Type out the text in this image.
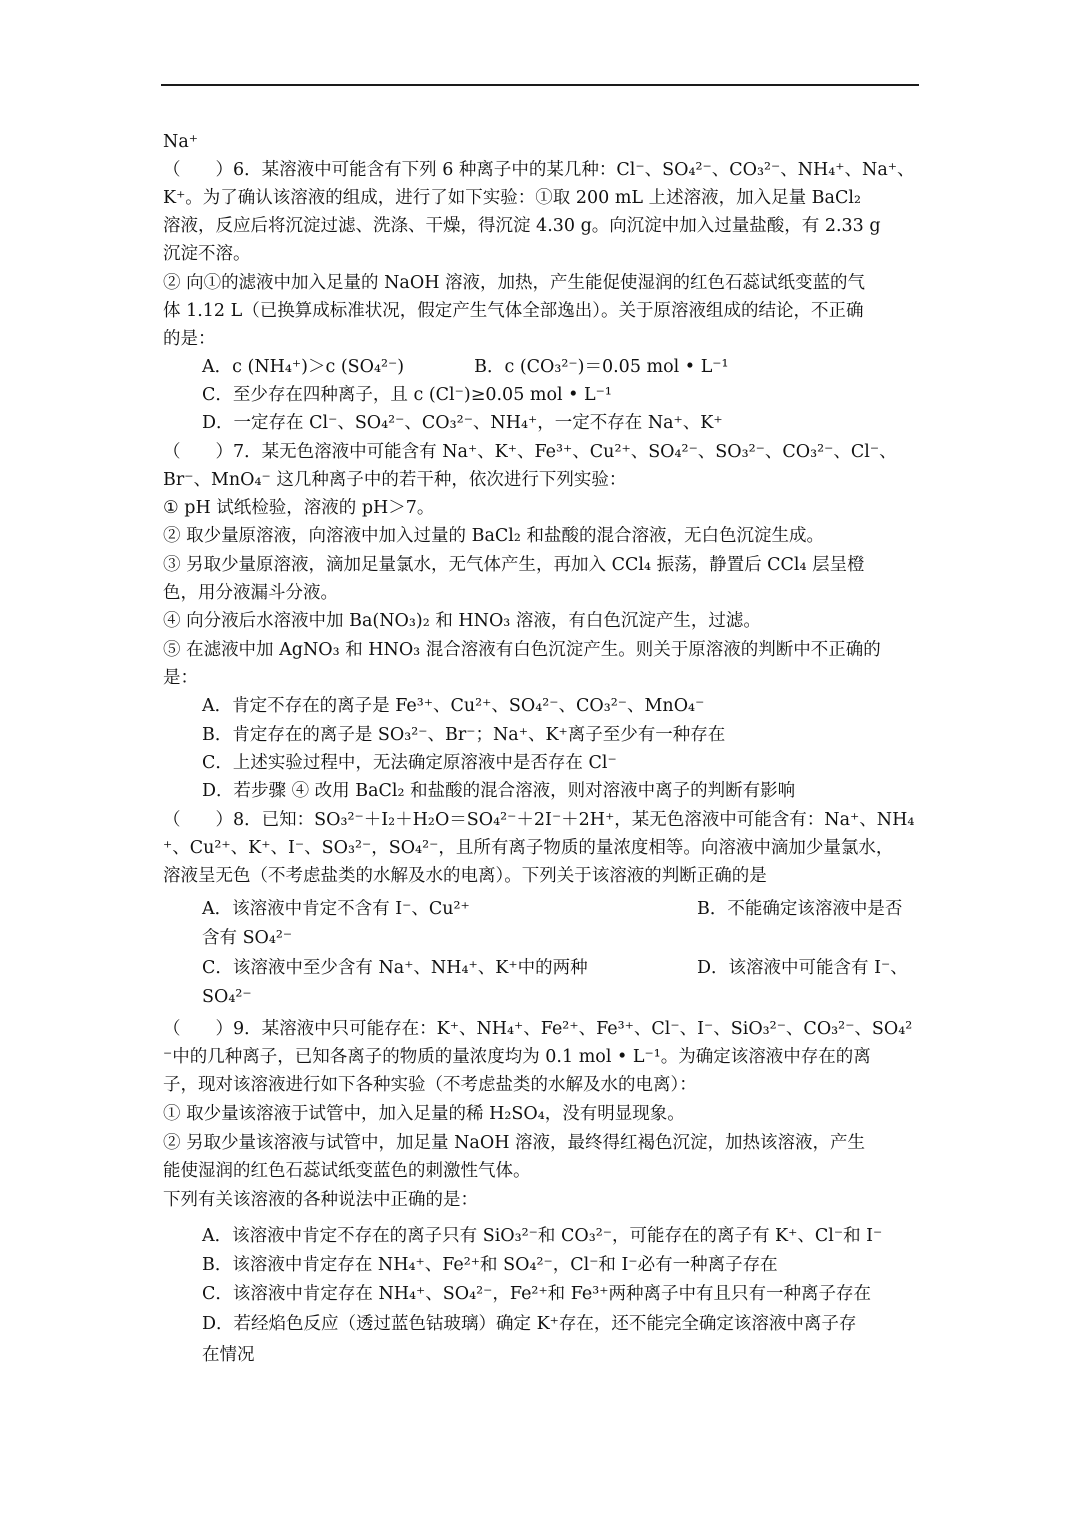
Na⁺
（　　）6．某溶液中可能含有下列 6 种离子中的某几种：Cl⁻、SO₄²⁻、CO₃²⁻、NH₄⁺、Na⁺、
K⁺。为了确认该溶液的组成，进行了如下实验：①取 200 mL 上述溶液，加入足量 BaCl₂
溶液，反应后将沉淀过滤、洗涤、干燥，得沉淀 4.30 g。向沉淀中加入过量盐酸，有 2.33 g
沉淀不溶。
② 向①的滤液中加入足量的 NaOH 溶液，加热，产生能促使湿润的红色石蕊试纸变蓝的气
体 1.12 L（已换算成标准状况，假定产生气体全部逸出）。关于原溶液组成的结论，不正确
的是：
A．c (NH₄⁺)＞c (SO₄²⁻)　　　　B．c (CO₃²⁻)＝0.05 mol • L⁻¹
C．至少存在四种离子，且 c (Cl⁻)≥0.05 mol • L⁻¹
D．一定存在 Cl⁻、SO₄²⁻、CO₃²⁻、NH₄⁺，一定不存在 Na⁺、K⁺
（　　）7．某无色溶液中可能含有 Na⁺、K⁺、Fe³⁺、Cu²⁺、SO₄²⁻、SO₃²⁻、CO₃²⁻、Cl⁻、
Br⁻、MnO₄⁻ 这几种离子中的若干种，依次进行下列实验：
① pH 试纸检验，溶液的 pH＞7。
② 取少量原溶液，向溶液中加入过量的 BaCl₂ 和盐酸的混合溶液，无白色沉淀生成。
③ 另取少量原溶液，滴加足量氯水，无气体产生，再加入 CCl₄ 振荡，静置后 CCl₄ 层呈橙
色，用分液漏斗分液。
④ 向分液后水溶液中加 Ba(NO₃)₂ 和 HNO₃ 溶液，有白色沉淀产生，过滤。
⑤ 在滤液中加 AgNO₃ 和 HNO₃ 混合溶液有白色沉淀产生。则关于原溶液的判断中不正确的
是：
A．肯定不存在的离子是 Fe³⁺、Cu²⁺、SO₄²⁻、CO₃²⁻、MnO₄⁻
B．肯定存在的离子是 SO₃²⁻、Br⁻；Na⁺、K⁺离子至少有一种存在
C．上述实验过程中，无法确定原溶液中是否存在 Cl⁻
D．若步骤 ④ 改用 BaCl₂ 和盐酸的混合溶液，则对溶液中离子的判断有影响
（　　）8．已知：SO₃²⁻＋I₂＋H₂O＝SO₄²⁻＋2I⁻＋2H⁺，某无色溶液中可能含有：Na⁺、NH₄
⁺、Cu²⁺、K⁺、I⁻、SO₃²⁻，SO₄²⁻，且所有离子物质的量浓度相等。向溶液中滴加少量氯水，
溶液呈无色（不考虑盐类的水解及水的电离）。下列关于该溶液的判断正确的是
A．该溶液中肯定不含有 I⁻、Cu²⁺	B．不能确定该溶液中是否
含有 SO₄²⁻
C．该溶液中至少含有 Na⁺、NH₄⁺、K⁺中的两种	D．该溶液中可能含有 I⁻、
SO₄²⁻
（　　）9．某溶液中只可能存在：K⁺、NH₄⁺、Fe²⁺、Fe³⁺、Cl⁻、I⁻、SiO₃²⁻、CO₃²⁻、SO₄²
⁻中的几种离子，已知各离子的物质的量浓度均为 0.1 mol • L⁻¹。为确定该溶液中存在的离
子，现对该溶液进行如下各种实验（不考虑盐类的水解及水的电离）：
① 取少量该溶液于试管中，加入足量的稀 H₂SO₄，没有明显现象。
② 另取少量该溶液与试管中，加足量 NaOH 溶液，最终得红褐色沉淀，加热该溶液，产生
能使湿润的红色石蕊试纸变蓝色的刺激性气体。
下列有关该溶液的各种说法中正确的是：
A．该溶液中肯定不存在的离子只有 SiO₃²⁻和 CO₃²⁻，可能存在的离子有 K⁺、Cl⁻和 I⁻
B．该溶液中肯定存在 NH₄⁺、Fe²⁺和 SO₄²⁻，Cl⁻和 I⁻必有一种离子存在
C．该溶液中肯定存在 NH₄⁺、SO₄²⁻，Fe²⁺和 Fe³⁺两种离子中有且只有一种离子存在
D．若经焰色反应（透过蓝色钴玻璃）确定 K⁺存在，还不能完全确定该溶液中离子存
在情况
